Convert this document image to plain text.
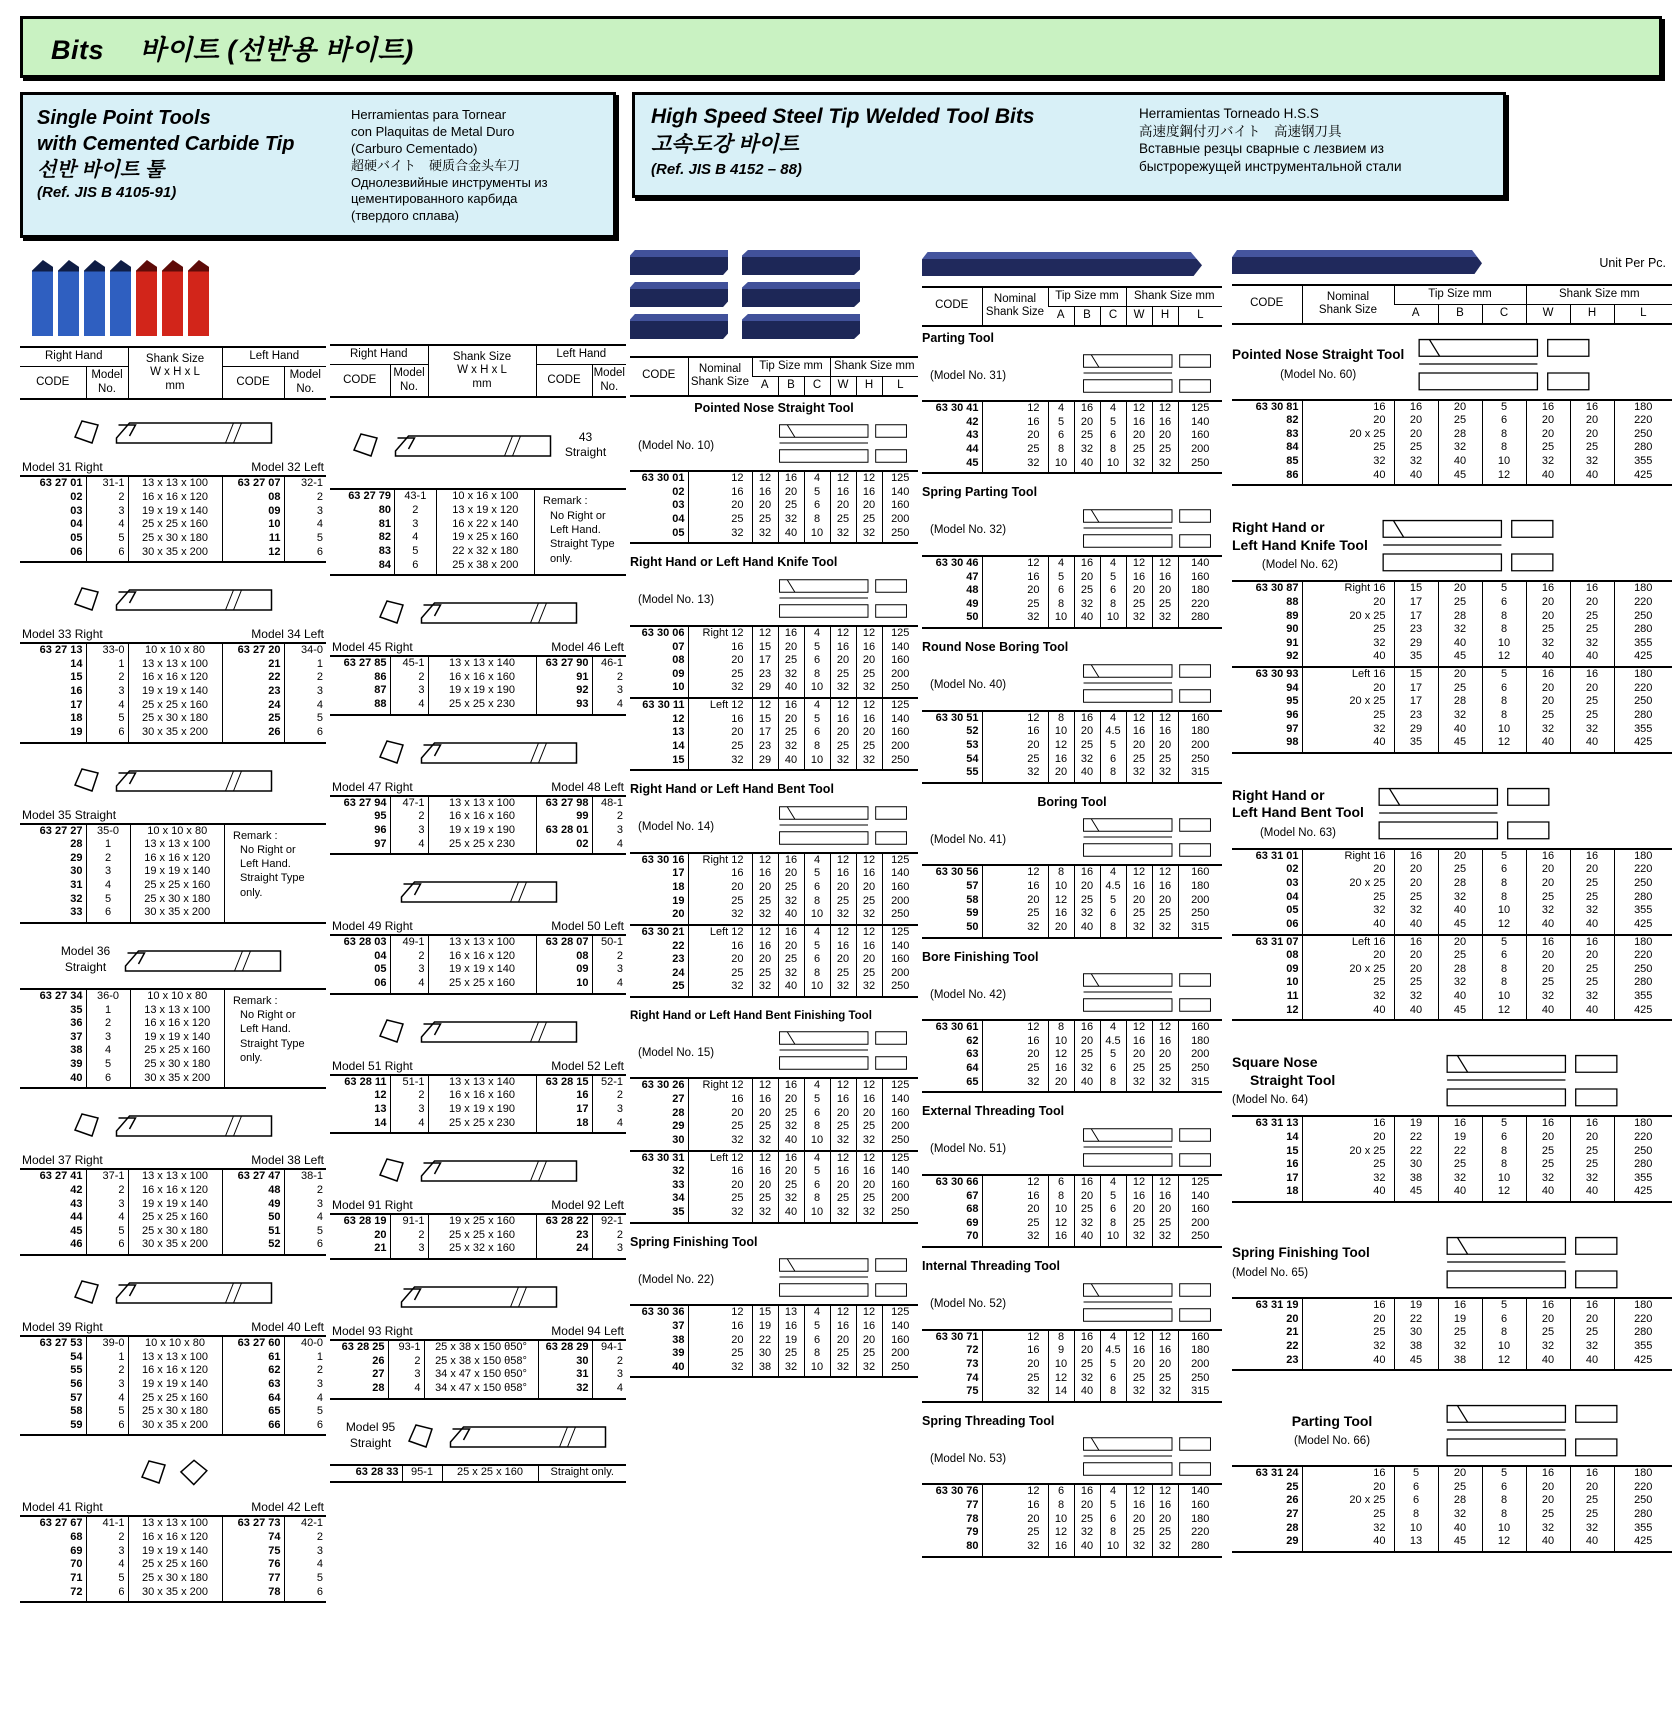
Bits　 바이트 (선반용 바이트)
Single Point Tools
with Cemented Carbide Tip
선반 바이트 툴
(Ref. JIS B 4105-91)
Herramientas para Tornear
con Plaquitas de Metal Duro
(Carburo Cementado)
超硬バイト　硬质合金头车刀
Однолезвийные инструменты из
цементированного карбида
(твердого сплава)
High Speed Steel Tip Welded Tool Bits
고속도강 바이트
(Ref. JIS B 4152 – 88)
Herramientas Torneado H.S.S
高速度鋼付刃バイト　高速钢刀具
Вставные резцы сварные с лезвием из
быстрорежущей инструментальной стали
Right Hand		Shank Size
W x H x L
mm	Left Hand	
CODE	Model No.		CODE	Model No.
Model 31 Right	Model 32 Left
63 27 01	31-1	13 x 13 x 100	63 27 07	32-1
02	2	16 x 16 x 120	08	2
03	3	19 x 19 x 140	09	3
04	4	25 x 25 x 160	10	4
05	5	25 x 30 x 180	11	5
06	6	30 x 35 x 200	12	6
Model 33 Right	Model 34 Left
63 27 13	33-0	10 x 10 x 80	63 27 20	34-0
14	1	13 x 13 x 100	21	1
15	2	16 x 16 x 120	22	2
16	3	19 x 19 x 140	23	3
17	4	25 x 25 x 160	24	4
18	5	25 x 30 x 180	25	5
19	6	30 x 35 x 200	26	6
Model 35 Straight
63 27 27	35-0	10 x 10 x 80
28	1	13 x 13 x 100
29	2	16 x 16 x 120
30	3	19 x 19 x 140
31	4	25 x 25 x 160
32	5	25 x 30 x 180
33	6	30 x 35 x 200
Remark :
No Right or
Left Hand.
Straight Type
only.
Model 36
Straight
63 27 34	36-0	10 x 10 x 80
35	1	13 x 13 x 100
36	2	16 x 16 x 120
37	3	19 x 19 x 140
38	4	25 x 25 x 160
39	5	25 x 30 x 180
40	6	30 x 35 x 200
Remark :
No Right or
Left Hand.
Straight Type
only.
Model 37 Right	Model 38 Left
63 27 41	37-1	13 x 13 x 100	63 27 47	38-1
42	2	16 x 16 x 120	48	2
43	3	19 x 19 x 140	49	3
44	4	25 x 25 x 160	50	4
45	5	25 x 30 x 180	51	5
46	6	30 x 35 x 200	52	6
Model 39 Right	Model 40 Left
63 27 53	39-0	10 x 10 x 80	63 27 60	40-0
54	1	13 x 13 x 100	61	1
55	2	16 x 16 x 120	62	2
56	3	19 x 19 x 140	63	3
57	4	25 x 25 x 160	64	4
58	5	25 x 30 x 180	65	5
59	6	30 x 35 x 200	66	6
Model 41 Right	Model 42 Left
63 27 67	41-1	13 x 13 x 100	63 27 73	42-1
68	2	16 x 16 x 120	74	2
69	3	19 x 19 x 140	75	3
70	4	25 x 25 x 160	76	4
71	5	25 x 30 x 180	77	5
72	6	30 x 35 x 200	78	6
Right Hand		Shank Size
W x H x L
mm	Left Hand	
CODE	Model No.		CODE	Model No.
43
Straight
63 27 79	43-1	10 x 16 x 100
80	2	13 x 19 x 120
81	3	16 x 22 x 140
82	4	19 x 25 x 160
83	5	22 x 32 x 180
84	6	25 x 38 x 200
Remark :
No Right or
Left Hand.
Straight Type
only.
Model 45 Right	Model 46 Left
63 27 85	45-1	13 x 13 x 140	63 27 90	46-1
86	2	16 x 16 x 160	91	2
87	3	19 x 19 x 190	92	3
88	4	25 x 25 x 230	93	4
Model 47 Right	Model 48 Left
63 27 94	47-1	13 x 13 x 100	63 27 98	48-1
95	2	16 x 16 x 160	99	2
96	3	19 x 19 x 190	63 28 01	3
97	4	25 x 25 x 230	02	4
Model 49 Right	Model 50 Left
63 28 03	49-1	13 x 13 x 100	63 28 07	50-1
04	2	16 x 16 x 120	08	2
05	3	19 x 19 x 140	09	3
06	4	25 x 25 x 160	10	4
Model 51 Right	Model 52 Left
63 28 11	51-1	13 x 13 x 140	63 28 15	52-1
12	2	16 x 16 x 160	16	2
13	3	19 x 19 x 190	17	3
14	4	25 x 25 x 230	18	4
Model 91 Right	Model 92 Left
63 28 19	91-1	19 x 25 x 160	63 28 22	92-1
20	2	25 x 25 x 160	23	2
21	3	25 x 32 x 160	24	3
Model 93 Right	Model 94 Left
63 28 25	93-1	25 x 38 x 150 θ50°	63 28 29	94-1
26	2	25 x 38 x 150 θ58°	30	2
27	3	34 x 47 x 150 θ50°	31	3
28	4	34 x 47 x 150 θ58°	32	4
Model 95
Straight
63 28 33	95-1	25 x 25 x 160	Straight only.
CODE	Nominal
Shank Size	Tip Size mm			Shank Size mm		
		A	B	C	W	H	L
Pointed Nose Straight Tool
(Model No. 10)
63 30 01	12	12	16	4	12	12	125
02	16	16	20	5	16	16	140
03	20	20	25	6	20	20	160
04	25	25	32	8	25	25	200
05	32	32	40	10	32	32	250
Right Hand or Left Hand Knife Tool
(Model No. 13)
63 30 06	Right 12	12	16	4	12	12	125
07	16	15	20	5	16	16	140
08	20	17	25	6	20	20	160
09	25	23	32	8	25	25	200
10	32	29	40	10	32	32	250
63 30 11	Left 12	12	16	4	12	12	125
12	16	15	20	5	16	16	140
13	20	17	25	6	20	20	160
14	25	23	32	8	25	25	200
15	32	29	40	10	32	32	250
Right Hand or Left Hand Bent Tool
(Model No. 14)
63 30 16	Right 12	12	16	4	12	12	125
17	16	16	20	5	16	16	140
18	20	20	25	6	20	20	160
19	25	25	32	8	25	25	200
20	32	32	40	10	32	32	250
63 30 21	Left 12	12	16	4	12	12	125
22	16	16	20	5	16	16	140
23	20	20	25	6	20	20	160
24	25	25	32	8	25	25	200
25	32	32	40	10	32	32	250
Right Hand or Left Hand Bent Finishing Tool
(Model No. 15)
63 30 26	Right 12	12	16	4	12	12	125
27	16	16	20	5	16	16	140
28	20	20	25	6	20	20	160
29	25	25	32	8	25	25	200
30	32	32	40	10	32	32	250
63 30 31	Left 12	12	16	4	12	12	125
32	16	16	20	5	16	16	140
33	20	20	25	6	20	20	160
34	25	25	32	8	25	25	200
35	32	32	40	10	32	32	250
Spring Finishing Tool
(Model No. 22)
63 30 36	12	15	13	4	12	12	125
37	16	19	16	5	16	16	140
38	20	22	19	6	20	20	160
39	25	30	25	8	25	25	200
40	32	38	32	10	32	32	250
CODE	Nominal
Shank Size	Tip Size mm			Shank Size mm		
		A	B	C	W	H	L
Parting Tool
(Model No. 31)
63 30 41	12	4	16	4	12	12	125
42	16	5	20	5	16	16	140
43	20	6	25	6	20	20	160
44	25	8	32	8	25	25	200
45	32	10	40	10	32	32	250
Spring Parting Tool
(Model No. 32)
63 30 46	12	4	16	4	12	12	140
47	16	5	20	5	16	16	160
48	20	6	25	6	20	20	180
49	25	8	32	8	25	25	220
50	32	10	40	10	32	32	280
Round Nose Boring Tool
(Model No. 40)
63 30 51	12	8	16	4	12	12	160
52	16	10	20	4.5	16	16	180
53	20	12	25	5	20	20	200
54	25	16	32	6	25	25	250
55	32	20	40	8	32	32	315
Boring Tool
(Model No. 41)
63 30 56	12	8	16	4	12	12	160
57	16	10	20	4.5	16	16	180
58	20	12	25	5	20	20	200
59	25	16	32	6	25	25	250
50	32	20	40	8	32	32	315
Bore Finishing Tool
(Model No. 42)
63 30 61	12	8	16	4	12	12	160
62	16	10	20	4.5	16	16	180
63	20	12	25	5	20	20	200
64	25	16	32	6	25	25	250
65	32	20	40	8	32	32	315
External Threading Tool
(Model No. 51)
63 30 66	12	6	16	4	12	12	125
67	16	8	20	5	16	16	140
68	20	10	25	6	20	20	160
69	25	12	32	8	25	25	200
70	32	16	40	10	32	32	250
Internal Threading Tool
(Model No. 52)
63 30 71	12	8	16	4	12	12	160
72	16	9	20	4.5	16	16	180
73	20	10	25	5	20	20	200
74	25	12	32	6	25	25	250
75	32	14	40	8	32	32	315
Spring Threading Tool
(Model No. 53)
63 30 76	12	6	16	4	12	12	140
77	16	8	20	5	16	16	160
78	20	10	25	6	20	20	180
79	25	12	32	8	25	25	220
80	32	16	40	10	32	32	280
Unit Per Pc.
CODE	Nominal
Shank Size	Tip Size mm			Shank Size mm		
		A	B	C	W	H	L
Pointed Nose Straight Tool
(Model No. 60)
63 30 81	16	16	20	5	16	16	180
82	20	20	25	6	20	20	220
83	20 x 25	20	28	8	20	20	250
84	25	25	32	8	25	25	280
85	32	32	40	10	32	32	355
86	40	40	45	12	40	40	425
Right Hand or
Left Hand Knife Tool
(Model No. 62)
63 30 87	Right 16	15	20	5	16	16	180
88	20	17	25	6	20	20	220
89	20 x 25	17	28	8	20	25	250
90	25	23	32	8	25	25	280
91	32	29	40	10	32	32	355
92	40	35	45	12	40	40	425
63 30 93	Left 16	15	20	5	16	16	180
94	20	17	25	6	20	20	220
95	20 x 25	17	28	8	20	25	250
96	25	23	32	8	25	25	280
97	32	29	40	10	32	32	355
98	40	35	45	12	40	40	425
Right Hand or
Left Hand Bent Tool
(Model No. 63)
63 31 01	Right 16	16	20	5	16	16	180
02	20	20	25	6	20	20	220
03	20 x 25	20	28	8	20	25	250
04	25	25	32	8	25	25	280
05	32	32	40	10	32	32	355
06	40	40	45	12	40	40	425
63 31 07	Left 16	16	20	5	16	16	180
08	20	20	25	6	20	20	220
09	20 x 25	20	28	8	20	25	250
10	25	25	32	8	25	25	280
11	32	32	40	10	32	32	355
12	40	40	45	12	40	40	425
Square Nose
Straight Tool
(Model No. 64)
63 31 13	16	19	16	5	16	16	180
14	20	22	19	6	20	20	220
15	20 x 25	22	22	8	25	25	250
16	25	30	25	8	25	25	280
17	32	38	32	10	32	32	355
18	40	45	40	12	40	40	425
Spring Finishing Tool
(Model No. 65)
63 31 19	16	19	16	5	16	16	180
20	20	22	19	6	20	20	220
21	25	30	25	8	25	25	280
22	32	38	32	10	32	32	355
23	40	45	38	12	40	40	425
Parting Tool
(Model No. 66)
63 31 24	16	5	20	5	16	16	180
25	20	6	25	6	20	20	220
26	20 x 25	6	28	8	20	25	250
27	25	8	32	8	25	25	280
28	32	10	40	10	32	32	355
29	40	13	45	12	40	40	425
